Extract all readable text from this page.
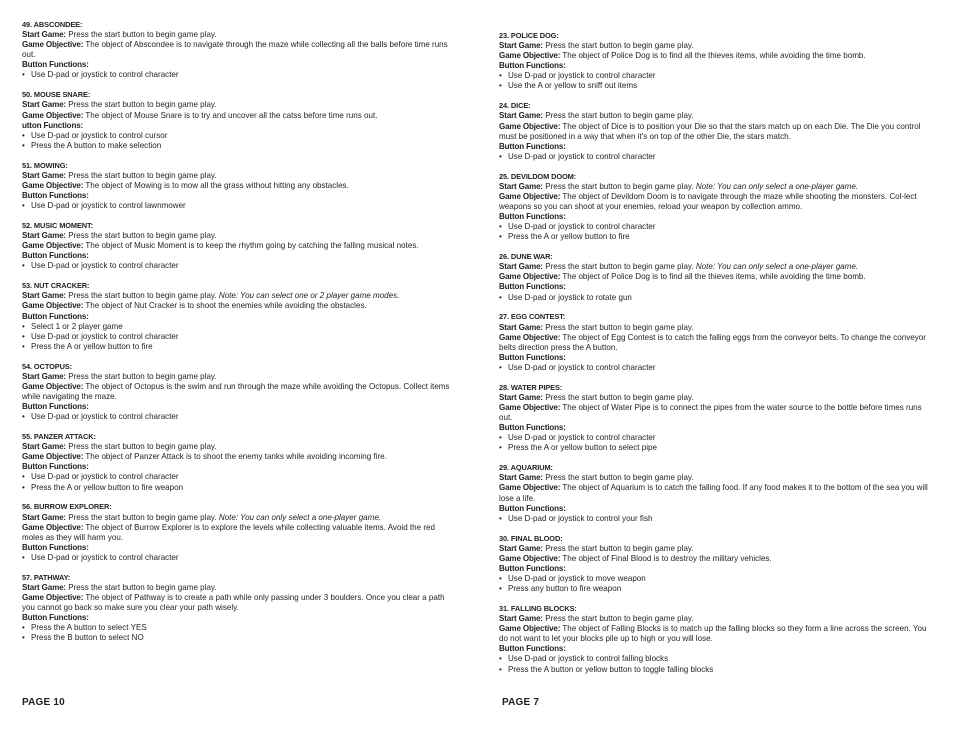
49. ABSCONDEE:
Start Game: Press the start button to begin game play.
Game Objective: The object of Abscondee is to navigate through the maze while collecting all the balls before time runs out.
Button Functions:
• Use D-pad or joystick to control character
50. MOUSE SNARE:
Start Game: Press the start button to begin game play.
Game Objective: The object of Mouse Snare is to try and uncover all the catss before time runs out.
utton Functions:
• Use D-pad or joystick to control cursor
• Press the A button to make selection
51. MOWING:
Start Game: Press the start button to begin game play.
Game Objective: The object of Mowing is to mow all the grass without hitting any obstacles.
Button Functions:
• Use D-pad or joystick to control lawnmower
52. MUSIC MOMENT:
Start Game: Press the start button to begin game play.
Game Objective: The object of Music Moment is to keep the rhythm going by catching the falling musical notes.
Button Functions:
• Use D-pad or joystick to control character
53. NUT CRACKER:
Start Game: Press the start button to begin game play. Note: You can select one or 2 player game modes.
Game Objective: The object of Nut Cracker is to shoot the enemies while avoiding the obstacles.
Button Functions:
• Select 1 or 2 player game
• Use D-pad or joystick to control character
• Press the A or yellow button to fire
54. OCTOPUS:
Start Game: Press the start button to begin game play.
Game Objective: The object of Octopus is the swim and run through the maze while avoiding the Octopus. Collect items while navigating the maze.
Button Functions:
• Use D-pad or joystick to control character
55. PANZER ATTACK:
Start Game: Press the start button to begin game play.
Game Objective: The object of Panzer Attack is to shoot the enemy tanks while avoiding incoming fire.
Button Functions:
• Use D-pad or joystick to control character
• Press the A or yellow button to fire weapon
56. BURROW EXPLORER:
Start Game: Press the start button to begin game play. Note: You can only select a one-player game.
Game Objective: The object of Burrow Explorer is to explore the levels while collecting valuable items. Avoid the red moles as they will harm you.
Button Functions:
• Use D-pad or joystick to control character
57. PATHWAY:
Start Game: Press the start button to begin game play.
Game Objective: The object of Pathway is to create a path while only passing under 3 boulders. Once you clear a path you cannot go back so make sure you clear your path wisely.
Button Functions:
• Press the A button to select YES
• Press the B button to select NO
23. POLICE DOG:
Start Game: Press the start button to begin game play.
Game Objective: The object of Police Dog is to find all the thieves items, while avoiding the time bomb.
Button Functions:
• Use D-pad or joystick to control character
• Use the A or yellow to sniff out items
24. DICE:
Start Game: Press the start button to begin game play.
Game Objective: The object of Dice is to position your Die so that the stars match up on each Die. The Die you control must be positioned in a way that when it's on top of the other Die, the stars match.
Button Functions:
• Use D-pad or joystick to control character
25. DEVILDOM DOOM:
Start Game: Press the start button to begin game play. Note: You can only select a one-player game.
Game Objective: The object of Devildom Doom is to navigate through the maze while shooting the monsters. Col-lect weapons so you can shoot at your enemies, reload your weapon by collection ammo.
Button Functions:
• Use D-pad or joystick to control character
• Press the A or yellow button to fire
26. DUNE WAR:
Start Game: Press the start button to begin game play. Note: You can only select a one-player game.
Game Objective: The object of Police Dog is to find all the thieves items, while avoiding the time bomb.
Button Functions:
• Use D-pad or joystick to rotate gun
27. EGG CONTEST:
Start Game: Press the start button to begin game play.
Game Objective: The object of Egg Contest is to catch the falling eggs from the conveyor belts. To change the conveyor belts direction press the A button.
Button Functions:
• Use D-pad or joystick to control character
28. WATER PIPES:
Start Game: Press the start button to begin game play.
Game Objective: The object of Water Pipe is to connect the pipes from the water source to the bottle before times runs out.
Button Functions:
• Use D-pad or joystick to control character
• Press the A or yellow button to select pipe
29. AQUARIUM:
Start Game: Press the start button to begin game play.
Game Objective: The object of Aquarium is to catch the falling food. If any food makes it to the bottom of the sea you will lose a life.
Button Functions:
• Use D-pad or joystick to control your fish
30. FINAL BLOOD:
Start Game: Press the start button to begin game play.
Game Objective: The object of Final Blood is to destroy the military vehicles.
Button Functions:
• Use D-pad or joystick to move weapon
• Press any button to fire weapon
31. FALLING BLOCKS:
Start Game: Press the start button to begin game play.
Game Objective: The object of Falling Blocks is to match up the falling blocks so they form a line across the screen. You do not want to let your blocks pile up to high or you will lose.
Button Functions:
• Use D-pad or joystick to control falling blocks
• Press the A button or yellow button to toggle falling blocks
PAGE 10	PAGE 7
